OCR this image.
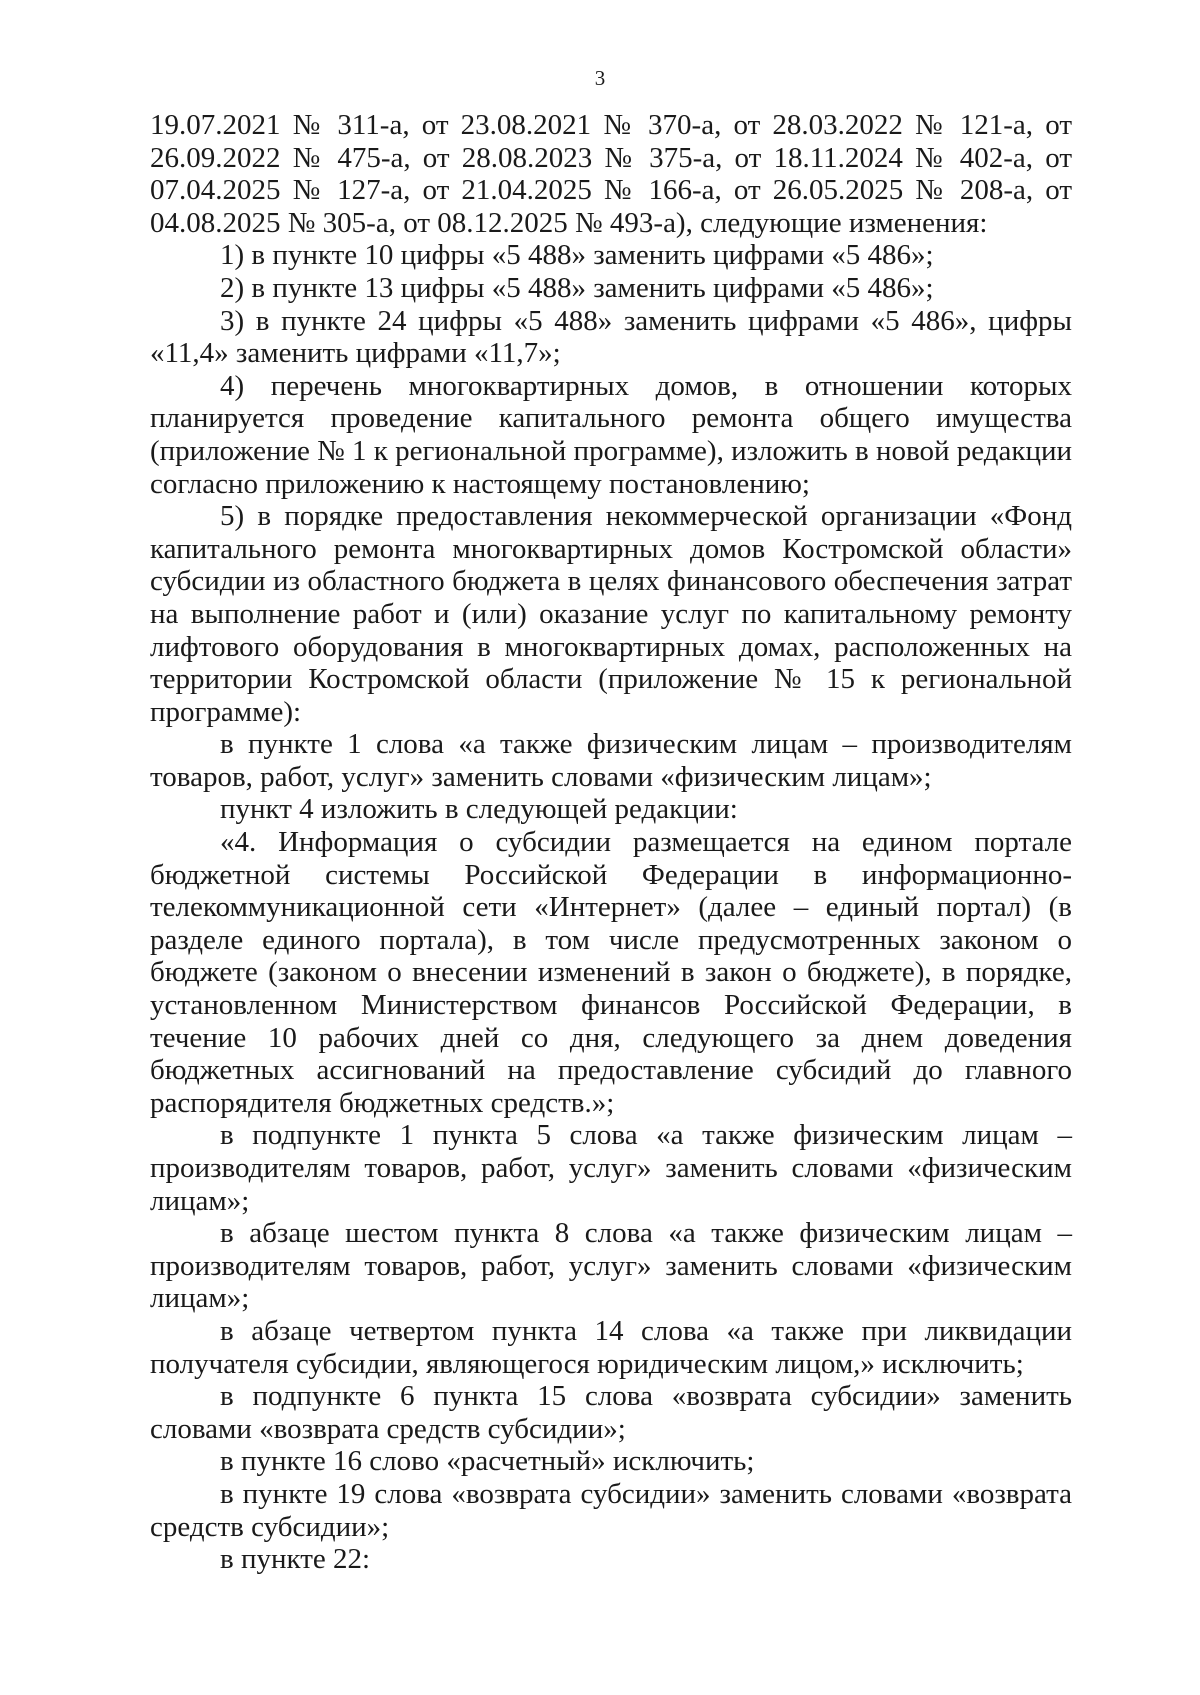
3

19.07.2021 № 311-а, от 23.08.2021 № 370-а, от 28.03.2022 № 121-а, от 26.09.2022 № 475-а, от 28.08.2023 № 375-а, от 18.11.2024 № 402-а, от 07.04.2025 № 127-а, от 21.04.2025 № 166-а, от 26.05.2025 № 208-а, от 04.08.2025 № 305-а, от 08.12.2025 № 493-а), следующие изменения:

1) в пункте 10 цифры «5 488» заменить цифрами «5 486»;

2) в пункте 13 цифры «5 488» заменить цифрами «5 486»;

3) в пункте 24 цифры «5 488» заменить цифрами «5 486», цифры «11,4» заменить цифрами «11,7»;

4) перечень многоквартирных домов, в отношении которых планируется проведение капитального ремонта общего имущества (приложение № 1 к региональной программе), изложить в новой редакции согласно приложению к настоящему постановлению;

5) в порядке предоставления некоммерческой организации «Фонд капитального ремонта многоквартирных домов Костромской области» субсидии из областного бюджета в целях финансового обеспечения затрат на выполнение работ и (или) оказание услуг по капитальному ремонту лифтового оборудования в многоквартирных домах, расположенных на территории Костромской области (приложение № 15 к региональной программе):

в пункте 1 слова «а также физическим лицам – производителям товаров, работ, услуг» заменить словами «физическим лицам»;

пункт 4 изложить в следующей редакции:

«4. Информация о субсидии размещается на едином портале бюджетной системы Российской Федерации в информационно-телекоммуникационной сети «Интернет» (далее – единый портал) (в разделе единого портала), в том числе предусмотренных законом о бюджете (законом о внесении изменений в закон о бюджете), в порядке, установленном Министерством финансов Российской Федерации, в течение 10 рабочих дней со дня, следующего за днем доведения бюджетных ассигнований на предоставление субсидий до главного распорядителя бюджетных средств.»;

в подпункте 1 пункта 5 слова «а также физическим лицам – производителям товаров, работ, услуг» заменить словами «физическим лицам»;

в абзаце шестом пункта 8 слова «а также физическим лицам – производителям товаров, работ, услуг» заменить словами «физическим лицам»;

в абзаце четвертом пункта 14 слова «а также при ликвидации получателя субсидии, являющегося юридическим лицом,» исключить;

в подпункте 6 пункта 15 слова «возврата субсидии» заменить словами «возврата средств субсидии»;

в пункте 16 слово «расчетный» исключить;

в пункте 19 слова «возврата субсидии» заменить словами «возврата средств субсидии»;

в пункте 22:
